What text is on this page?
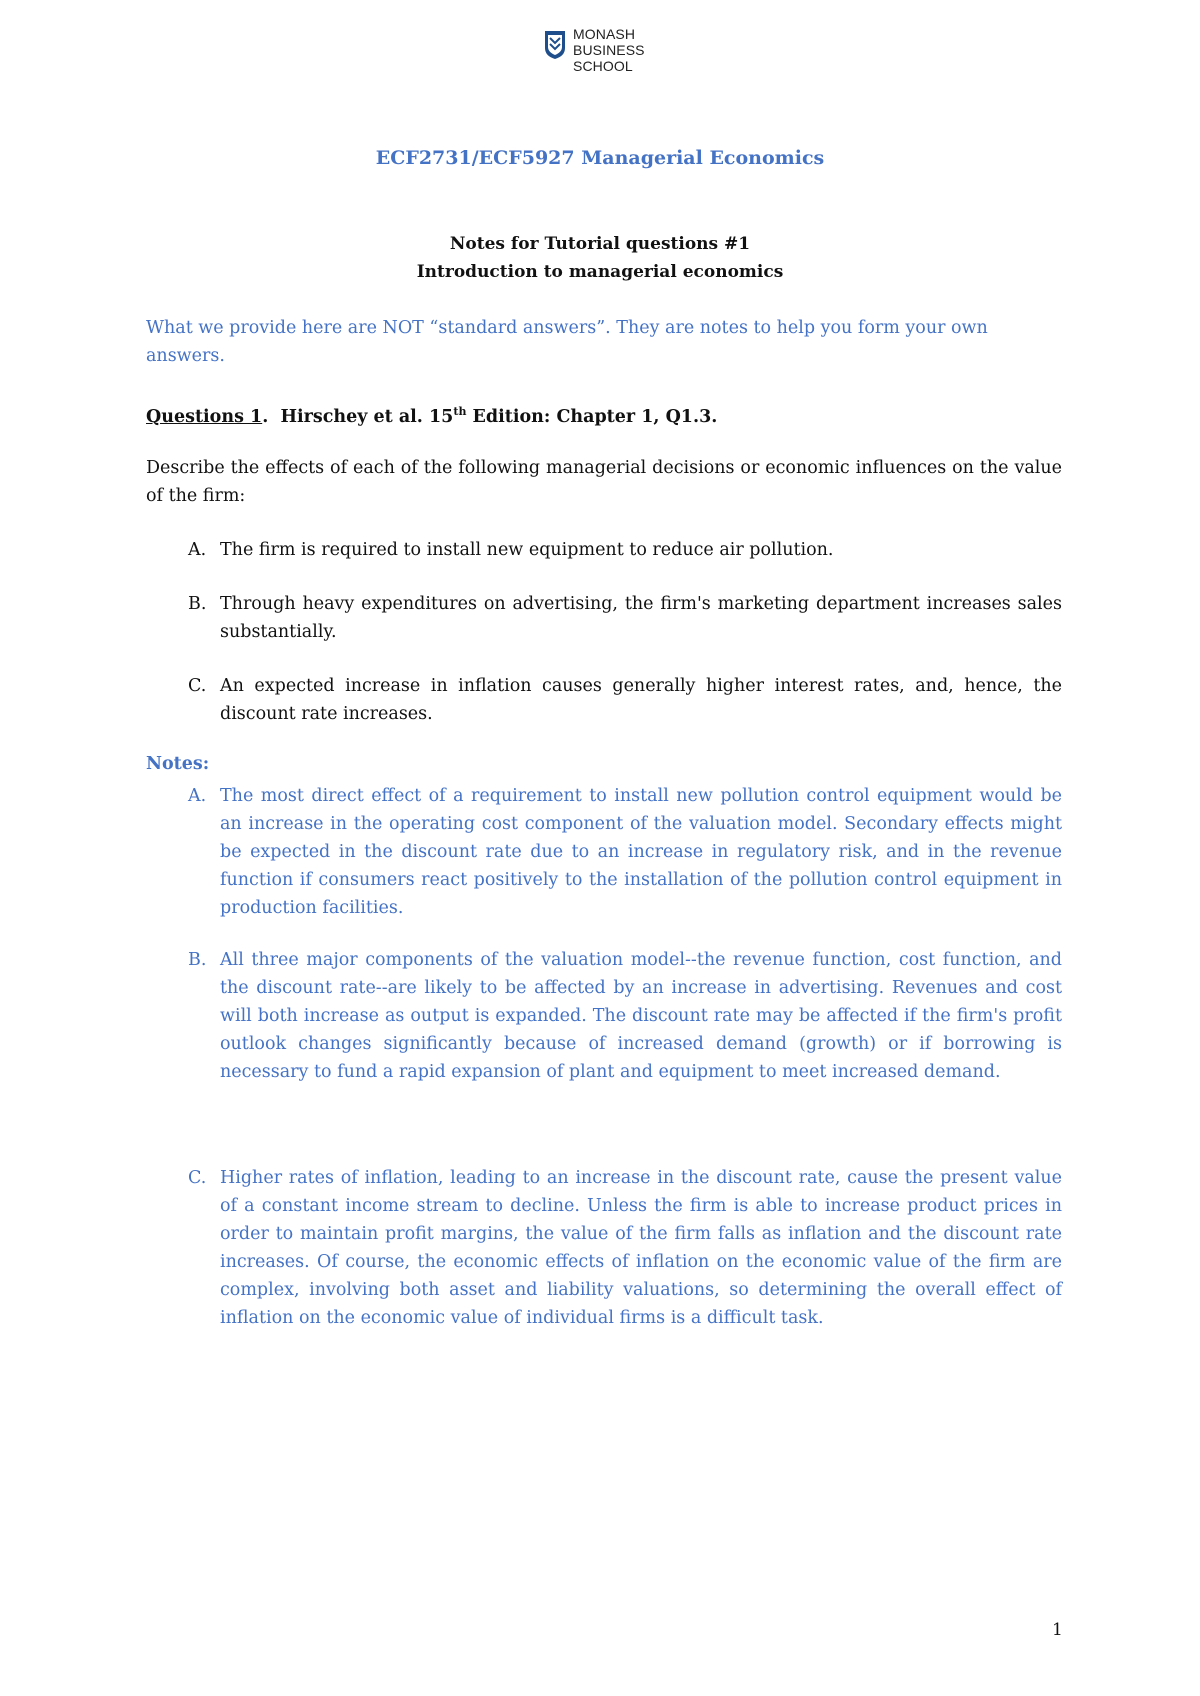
MONASH
BUSINESS
SCHOOL
ECF2731/ECF5927 Managerial Economics
Notes for Tutorial questions #1
Introduction to managerial economics
What we provide here are NOT “standard answers”. They are notes to help you form your own answers.
Questions 1. Hirschey et al. 15th Edition: Chapter 1, Q1.3.
Describe the effects of each of the following managerial decisions or economic influences on the value of the firm:
A. The firm is required to install new equipment to reduce air pollution.
B. Through heavy expenditures on advertising, the firm's marketing department increases sales substantially.
C. An expected increase in inflation causes generally higher interest rates, and, hence, the discount rate increases.
Notes:
A. The most direct effect of a requirement to install new pollution control equipment would be an increase in the operating cost component of the valuation model. Secondary effects might be expected in the discount rate due to an increase in regulatory risk, and in the revenue function if consumers react positively to the installation of the pollution control equipment in production facilities.
B. All three major components of the valuation model--the revenue function, cost function, and the discount rate--are likely to be affected by an increase in advertising. Revenues and cost will both increase as output is expanded. The discount rate may be affected if the firm's profit outlook changes significantly because of increased demand (growth) or if borrowing is necessary to fund a rapid expansion of plant and equipment to meet increased demand.
C. Higher rates of inflation, leading to an increase in the discount rate, cause the present value of a constant income stream to decline. Unless the firm is able to increase product prices in order to maintain profit margins, the value of the firm falls as inflation and the discount rate increases. Of course, the economic effects of inflation on the economic value of the firm are complex, involving both asset and liability valuations, so determining the overall effect of inflation on the economic value of individual firms is a difficult task.
1
